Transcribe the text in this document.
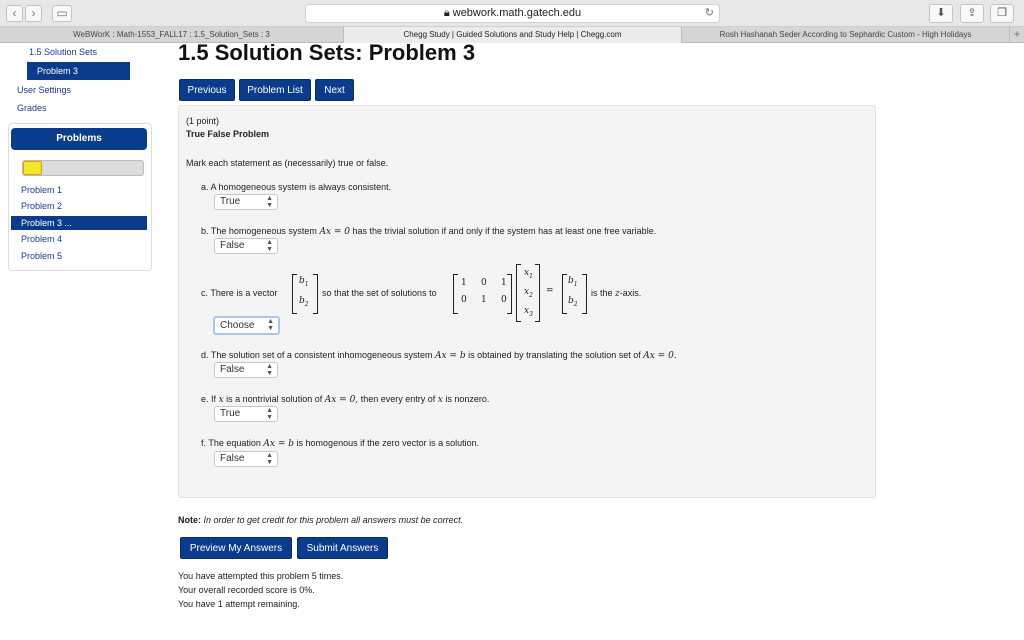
‹	›	▭	🔒︎ webwork.math.gatech.edu	↻	⬇	⇪	❐
WeBWorK : Math-1553_FALL17 : 1.5_Solution_Sets : 3	Chegg Study | Guided Solutions and Study Help | Chegg.com	Rosh Hashanah Seder According to Sephardic Custom - High Holidays	+
1.5 Solution Sets
Problem 3
User Settings
Grades
Problems
Problem 1
Problem 2
Problem 3 ...
Problem 4
Problem 5
1.5 Solution Sets: Problem 3
Previous	Problem List	Next
(1 point)
True False Problem
Mark each statement as (necessarily) true or false.
a. A homogeneous system is always consistent.
True	▲
▼
b. The homogeneous system Ax = 0 has the trivial solution if and only if the system has at least one free variable.
False	▲
▼
c. There is a vector
$b_1$
$b_2$
so that the set of solutions to
1 0 1
0 1 0
$x_1$
$x_2$
$x_3$
=
$b_1$
$b_2$
is the z-axis.
Choose ▲
▼
d. The solution set of a consistent inhomogeneous system Ax = b is obtained by translating the solution set of Ax = 0.
False	▲
▼
e. If x is a nontrivial solution of Ax = 0, then every entry of x is nonzero.
True	▲
▼
f. The equation Ax = b is homogenous if the zero vector is a solution.
False	▲
▼
Note: In order to get credit for this problem all answers must be correct.
Preview My Answers	Submit Answers
You have attempted this problem 5 times.
Your overall recorded score is 0%.
You have 1 attempt remaining.
